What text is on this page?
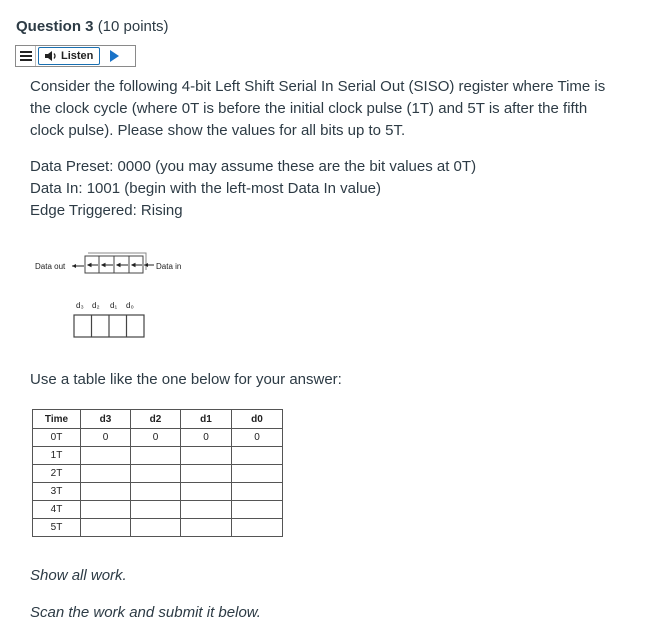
Question 3 (10 points)
Listen
Consider the following 4-bit Left Shift Serial In Serial Out (SISO) register where Time is the clock cycle (where 0T is before the initial clock pulse (1T) and 5T is after the fifth clock pulse). Please show the values for all bits up to 5T.
Data Preset: 0000 (you may assume these are the bit values at 0T)
Data In: 1001 (begin with the left-most Data In value)
Edge Triggered: Rising
Data out	Data in
d₃ d₂ d₁ d₀
Use a table like the one below for your answer:
Time	d3	d2	d1	d0
0T	0	0	0	0
1T				
2T				
3T				
4T				
5T				
Show all work.
Scan the work and submit it below.
